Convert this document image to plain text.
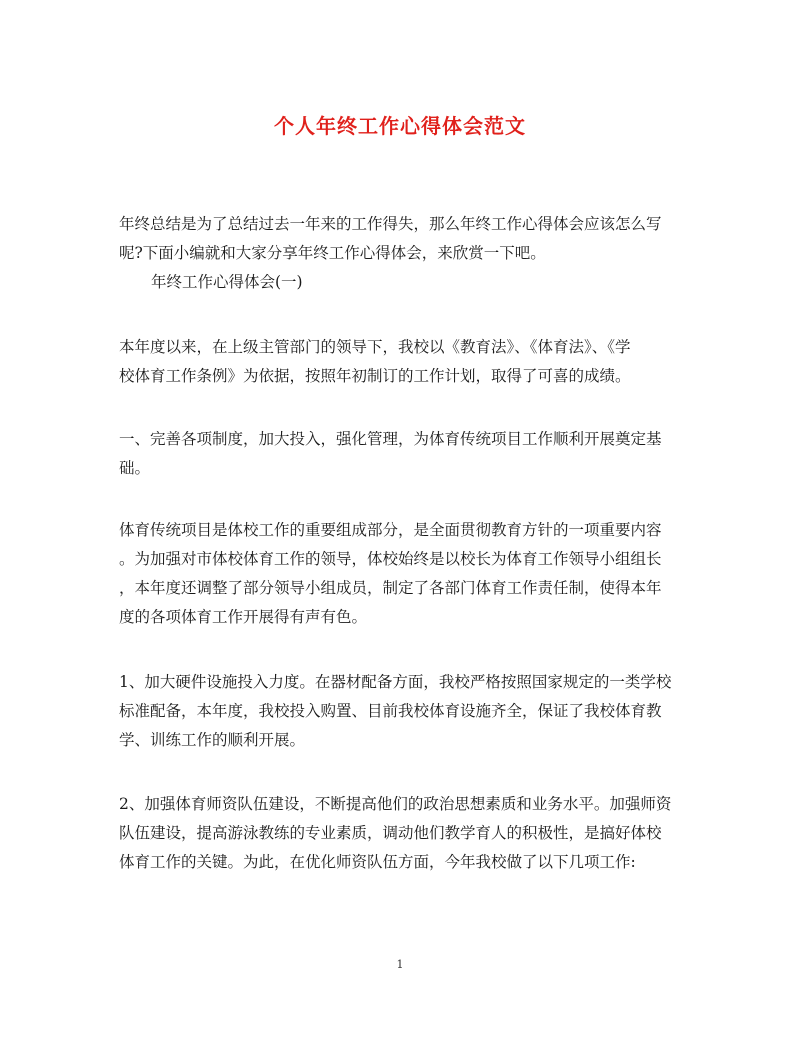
个人年终工作心得体会范文

年终总结是为了总结过去一年来的工作得失，那么年终工作心得体会应该怎么写
呢?下面小编就和大家分享年终工作心得体会，来欣赏一下吧。

年终工作心得体会(一)

本年度以来，在上级主管部门的领导下，我校以《教育法》、《体育法》、《学
校体育工作条例》为依据，按照年初制订的工作计划，取得了可喜的成绩。

一、完善各项制度，加大投入，强化管理，为体育传统项目工作顺利开展奠定基
础。

体育传统项目是体校工作的重要组成部分，是全面贯彻教育方针的一项重要内容
。为加强对市体校体育工作的领导，体校始终是以校长为体育工作领导小组组长
，本年度还调整了部分领导小组成员，制定了各部门体育工作责任制，使得本年
度的各项体育工作开展得有声有色。

1、加大硬件设施投入力度。在器材配备方面，我校严格按照国家规定的一类学校
标准配备，本年度，我校投入购置、目前我校体育设施齐全，保证了我校体育教
学、训练工作的顺利开展。

2、加强体育师资队伍建设，不断提高他们的政治思想素质和业务水平。加强师资
队伍建设，提高游泳教练的专业素质，调动他们教学育人的积极性，是搞好体校
体育工作的关键。为此，在优化师资队伍方面，今年我校做了以下几项工作:

1
